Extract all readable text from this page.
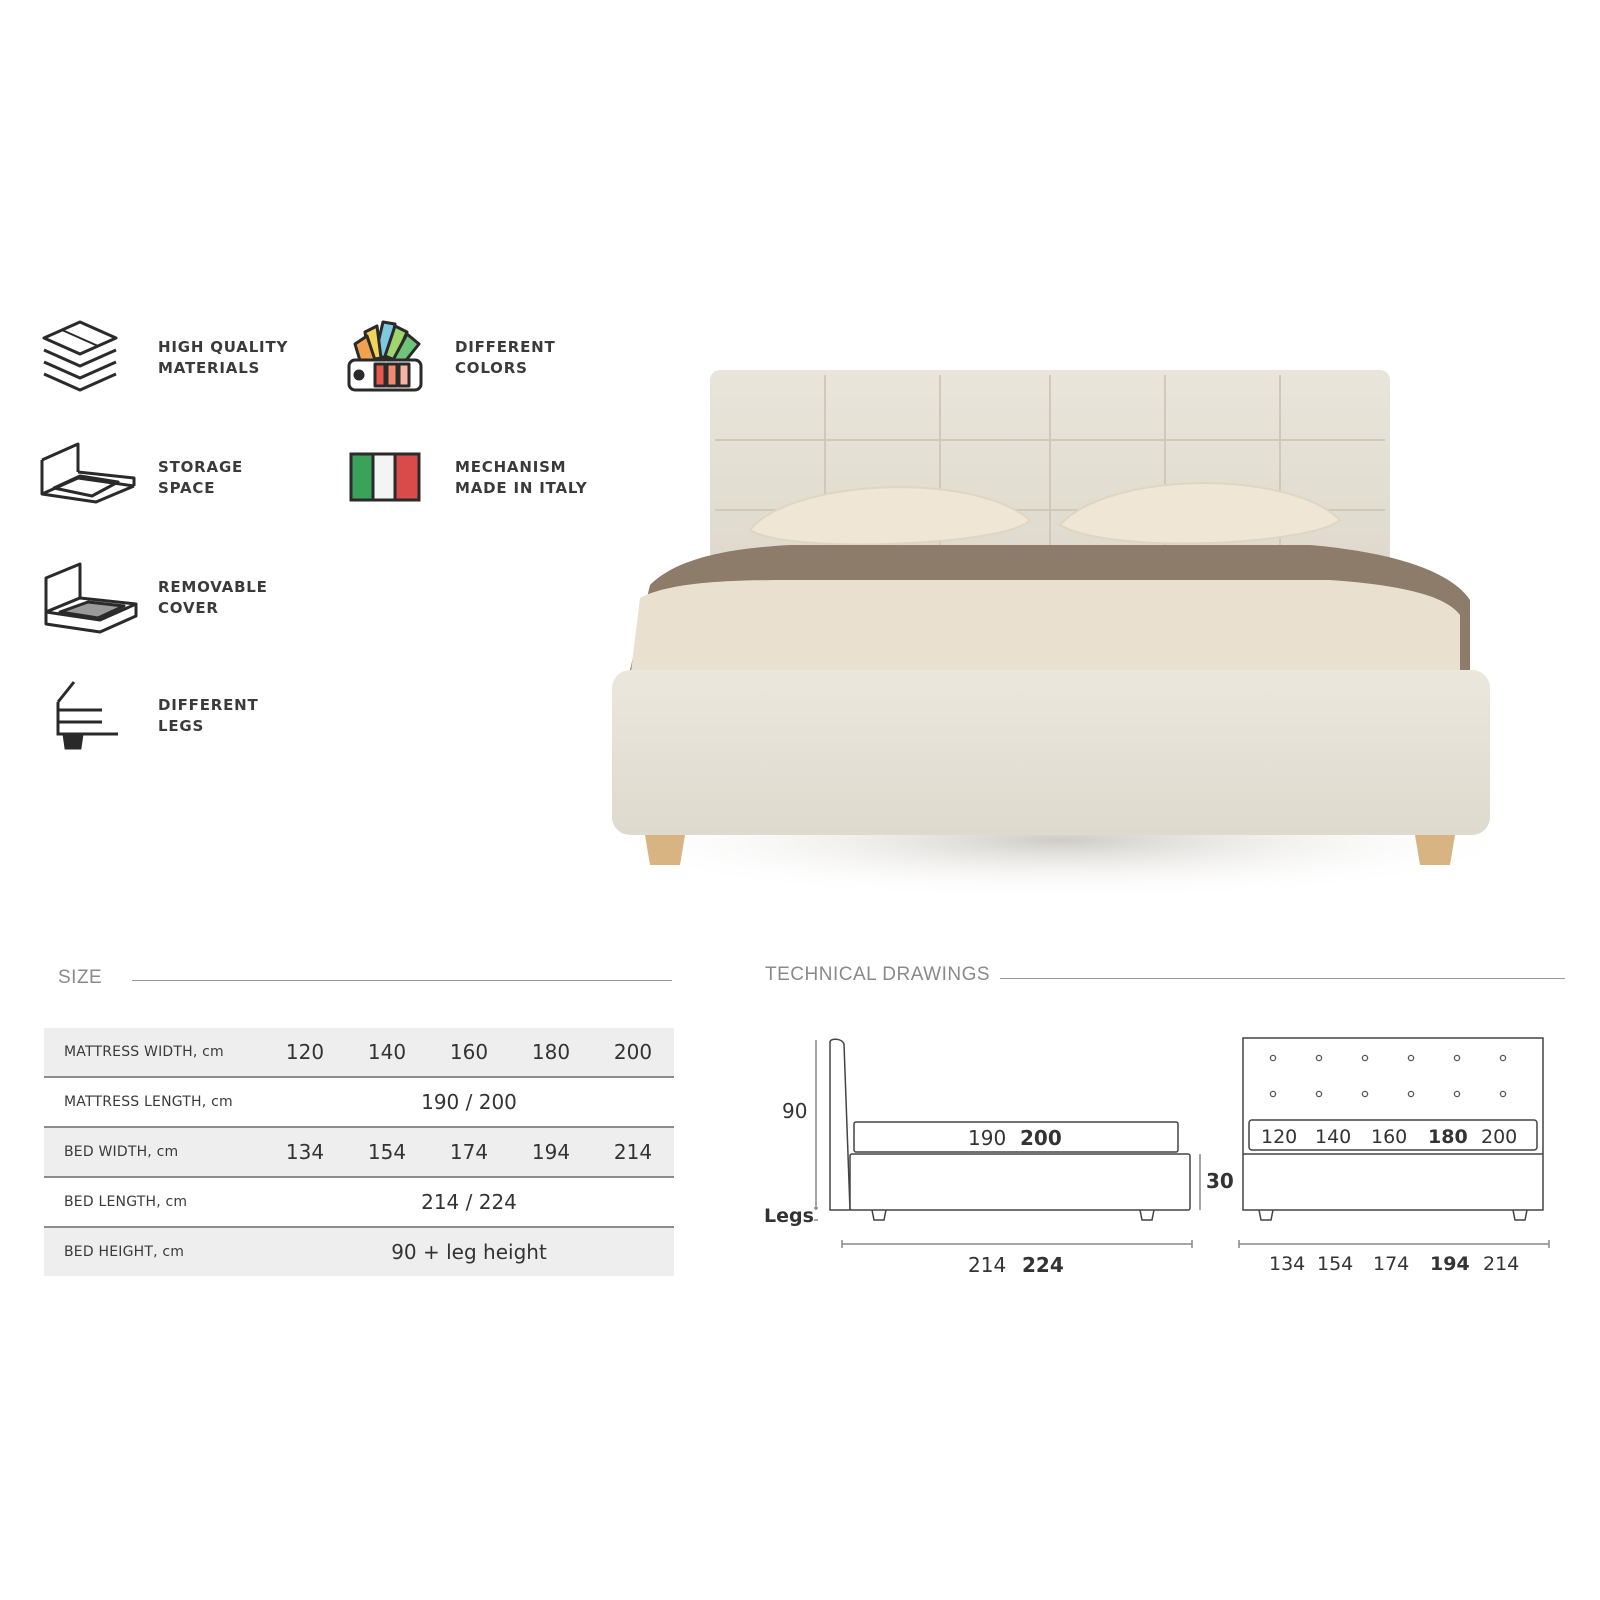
HIGH QUALITY
MATERIALS
DIFFERENT
COLORS
STORAGE
SPACE
MECHANISM
MADE IN ITALY
REMOVABLE
COVER
DIFFERENT
LEGS
SIZE
MATTRESS WIDTH, cm	120	140	160	180	200
MATTRESS LENGTH, cm	190 / 200				
BED WIDTH, cm	134	154	174	194	214
BED LENGTH, cm	214 / 224				
BED HEIGHT, cm	90 + leg height				
TECHNICAL DRAWINGS
90
Legs
190 200
30
214 224
120 140 160 180 200
134 154 174 194 214
